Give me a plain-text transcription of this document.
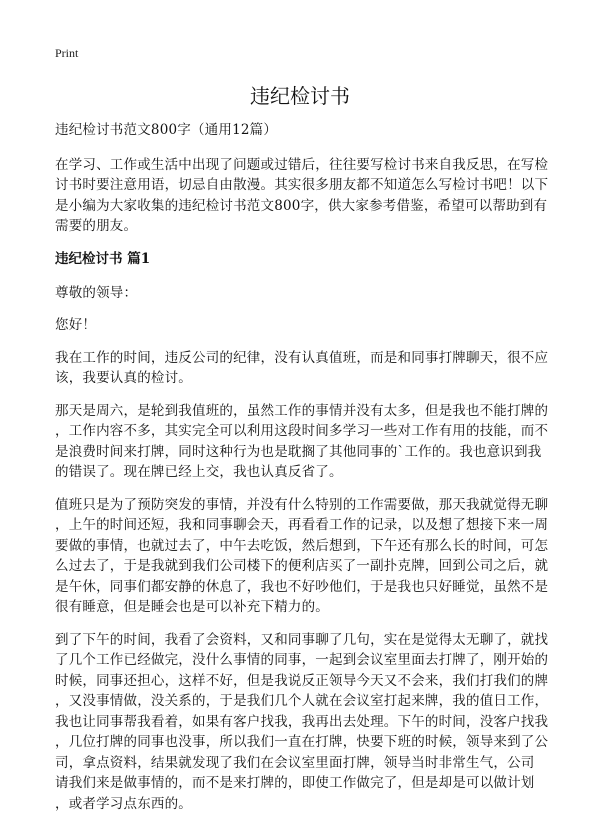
Print
违纪检讨书
违纪检讨书范文800字（通用12篇）
在学习、工作或生活中出现了问题或过错后，往往要写检讨书来自我反思，在写检
讨书时要注意用语，切忌自由散漫。其实很多朋友都不知道怎么写检讨书吧！以下
是小编为大家收集的违纪检讨书范文800字，供大家参考借鉴，希望可以帮助到有
需要的朋友。
违纪检讨书 篇1
尊敬的领导：
您好！
我在工作的时间，违反公司的纪律，没有认真值班，而是和同事打牌聊天，很不应
该，我要认真的检讨。
那天是周六，是轮到我值班的，虽然工作的事情并没有太多，但是我也不能打牌的
，工作内容不多，其实完全可以利用这段时间多学习一些对工作有用的技能，而不
是浪费时间来打牌，同时这种行为也是耽搁了其他同事的`工作的。我也意识到我
的错误了。现在牌已经上交，我也认真反省了。
值班只是为了预防突发的事情，并没有什么特别的工作需要做，那天我就觉得无聊
，上午的时间还短，我和同事聊会天，再看看工作的记录，以及想了想接下来一周
要做的事情，也就过去了，中午去吃饭，然后想到，下午还有那么长的时间，可怎
么过去了，于是我就到我们公司楼下的便利店买了一副扑克牌，回到公司之后，就
是午休，同事们都安静的休息了，我也不好吵他们，于是我也只好睡觉，虽然不是
很有睡意，但是睡会也是可以补充下精力的。
到了下午的时间，我看了会资料，又和同事聊了几句，实在是觉得太无聊了，就找
了几个工作已经做完，没什么事情的同事，一起到会议室里面去打牌了，刚开始的
时候，同事还担心，这样不好，但是我说反正领导今天又不会来，我们打我们的牌
，又没事情做，没关系的，于是我们几个人就在会议室打起来牌，我的值日工作，
我也让同事帮我看着，如果有客户找我，我再出去处理。下午的时间，没客户找我
，几位打牌的同事也没事，所以我们一直在打牌，快要下班的时候，领导来到了公
司，拿点资料，结果就发现了我们在会议室里面打牌，领导当时非常生气，公司
请我们来是做事情的，而不是来打牌的，即使工作做完了，但是却是可以做计划
，或者学习点东西的。
